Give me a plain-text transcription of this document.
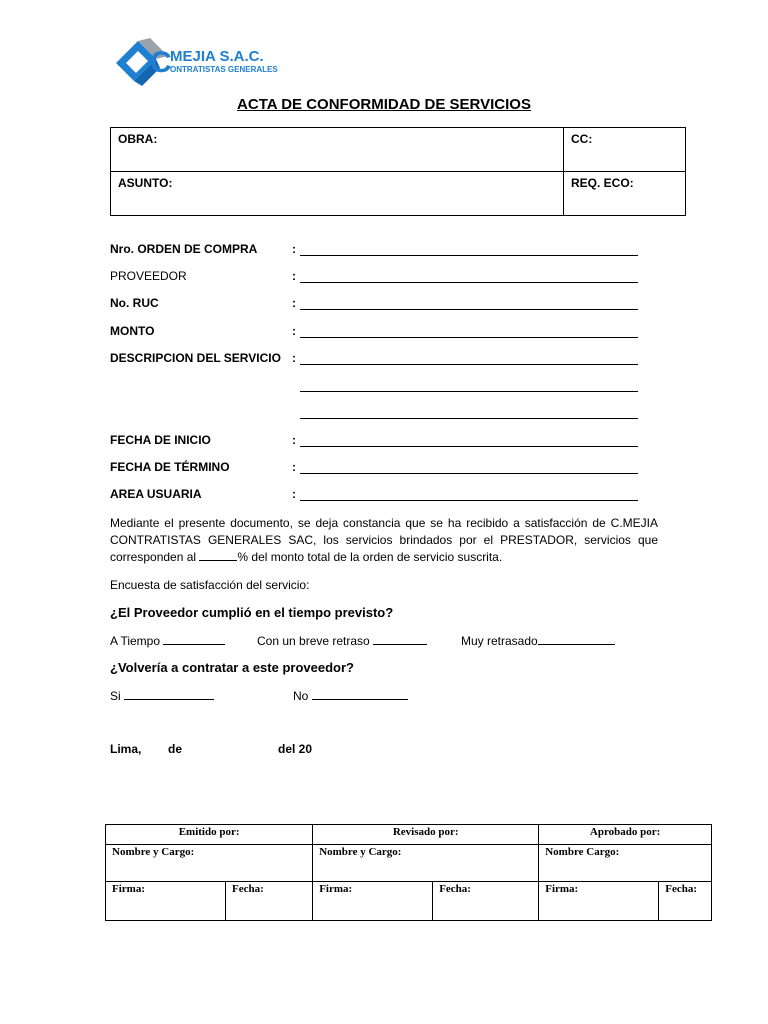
C
MEJIA S.A.C.
ONTRATISTAS GENERALES
ACTA DE CONFORMIDAD DE SERVICIOS
OBRA:	CC:
ASUNTO:	REQ. ECO:
Nro. ORDEN DE COMPRA	:
PROVEEDOR	:
No. RUC	:
MONTO	:
DESCRIPCION DEL SERVICIO :
FECHA DE INICIO	:
FECHA DE TÉRMINO	:
AREA USUARIA	:
Mediante el presente documento, se deja constancia que se ha recibido a satisfacción de C.MEJIA CONTRATISTAS GENERALES SAC, los servicios brindados por el PRESTADOR, servicios que corresponden al	% del monto total de la orden de servicio suscrita.
Encuesta de satisfacción del servicio:
¿El Proveedor cumplió en el tiempo previsto?
A Tiempo	Con un breve retraso	Muy retrasado
¿Volvería a contratar a este proveedor?
Si	No
Lima, de	del 20
Emitido por:		Revisado por:		Aprobado por:	
Nombre y Cargo:		Nombre y Cargo:		Nombre Cargo:	
Firma:	Fecha:	Firma:	Fecha:	Firma:	Fecha:
